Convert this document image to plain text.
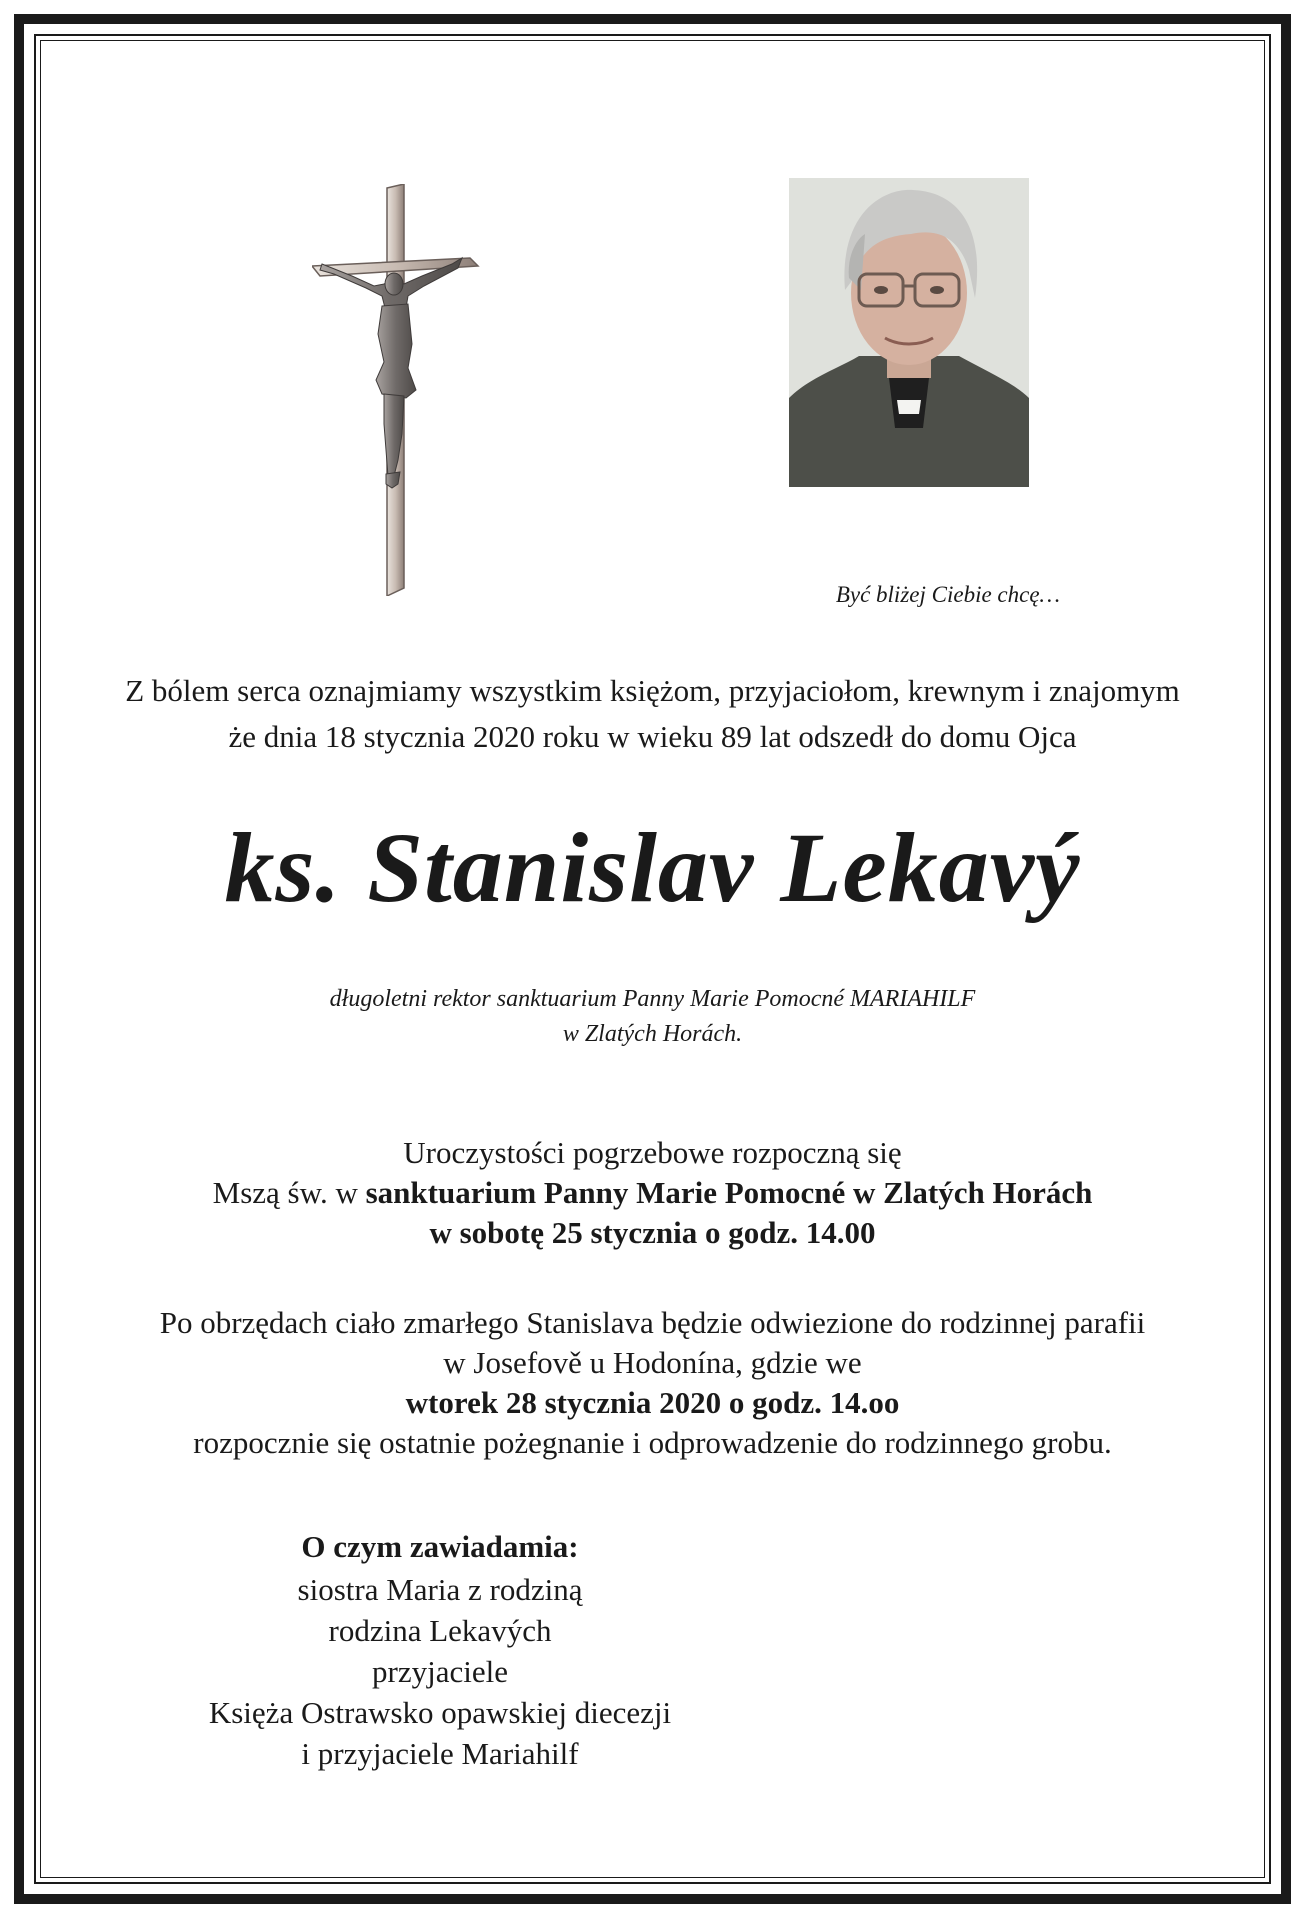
Być bliżej Ciebie chcę…
Z bólem serca oznajmiamy wszystkim księżom, przyjaciołom, krewnym i znajomym
że dnia 18 stycznia 2020 roku w wieku 89 lat odszedł do domu Ojca
ks. Stanislav Lekavý
długoletni rektor sanktuarium Panny Marie Pomocné MARIAHILF
w Zlatých Horách.
Uroczystości pogrzebowe rozpoczną się
Mszą św. w sanktuarium Panny Marie Pomocné w Zlatých Horách
w sobotę 25 stycznia o godz. 14.00
Po obrzędach ciało zmarłego Stanislava będzie odwiezione do rodzinnej parafii
w Josefově u Hodonína, gdzie we
wtorek 28 stycznia 2020 o godz. 14.oo
rozpocznie się ostatnie pożegnanie i odprowadzenie do rodzinnego grobu.
O czym zawiadamia:
siostra Maria z rodziną
rodzina Lekavých
przyjaciele
Księża Ostrawsko opawskiej diecezji
i przyjaciele Mariahilf
